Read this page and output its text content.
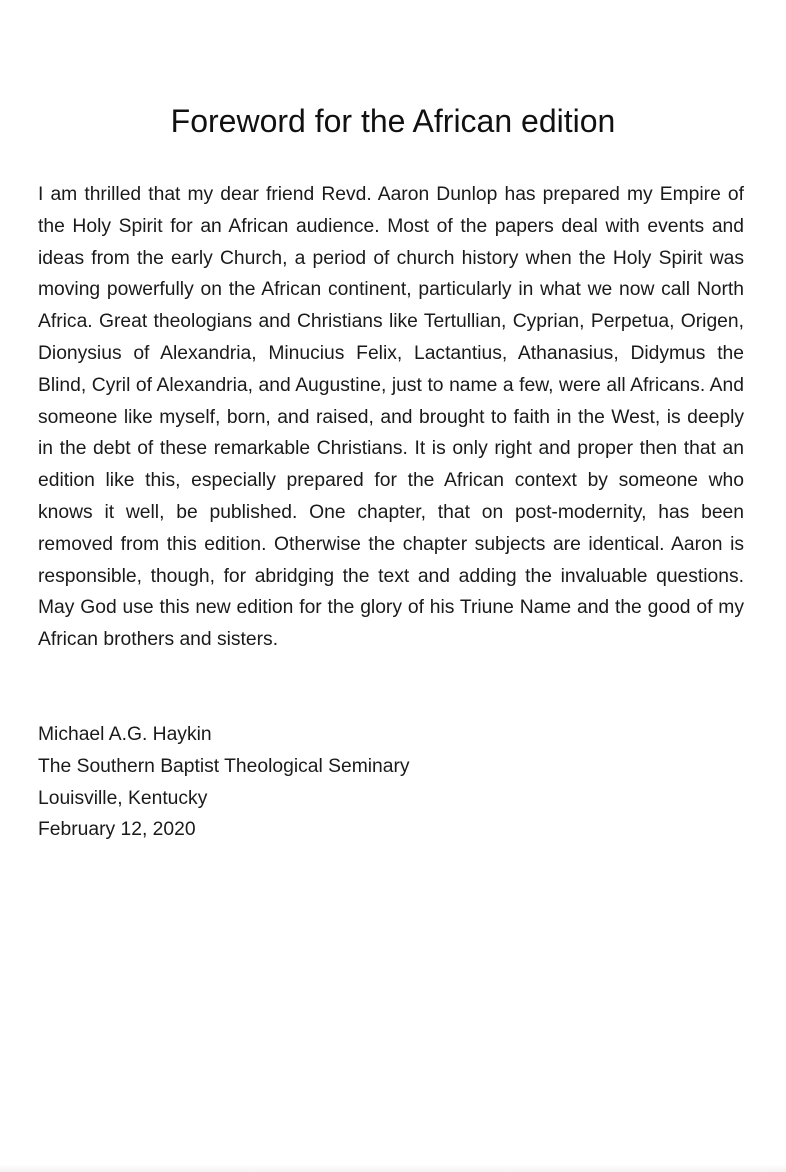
Foreword for the African edition

I am thrilled that my dear friend Revd. Aaron Dunlop has prepared my Empire of the Holy Spirit for an African audience. Most of the papers deal with events and ideas from the early Church, a period of church history when the Holy Spirit was moving powerfully on the African continent, particularly in what we now call North Africa. Great theologians and Christians like Tertullian, Cyprian, Perpetua, Origen, Dionysius of Alexandria, Minucius Felix, Lactantius, Athanasius, Didymus the Blind, Cyril of Alexandria, and Augustine, just to name a few, were all Africans. And someone like myself, born, and raised, and brought to faith in the West, is deeply in the debt of these remarkable Christians. It is only right and proper then that an edition like this, especially prepared for the African context by someone who knows it well, be published. One chapter, that on post-modernity, has been removed from this edition. Otherwise the chapter subjects are identical. Aaron is responsible, though, for abridging the text and adding the invaluable questions. May God use this new edition for the glory of his Triune Name and the good of my African brothers and sisters.

Michael A.G. Haykin
The Southern Baptist Theological Seminary
Louisville, Kentucky
February 12, 2020
